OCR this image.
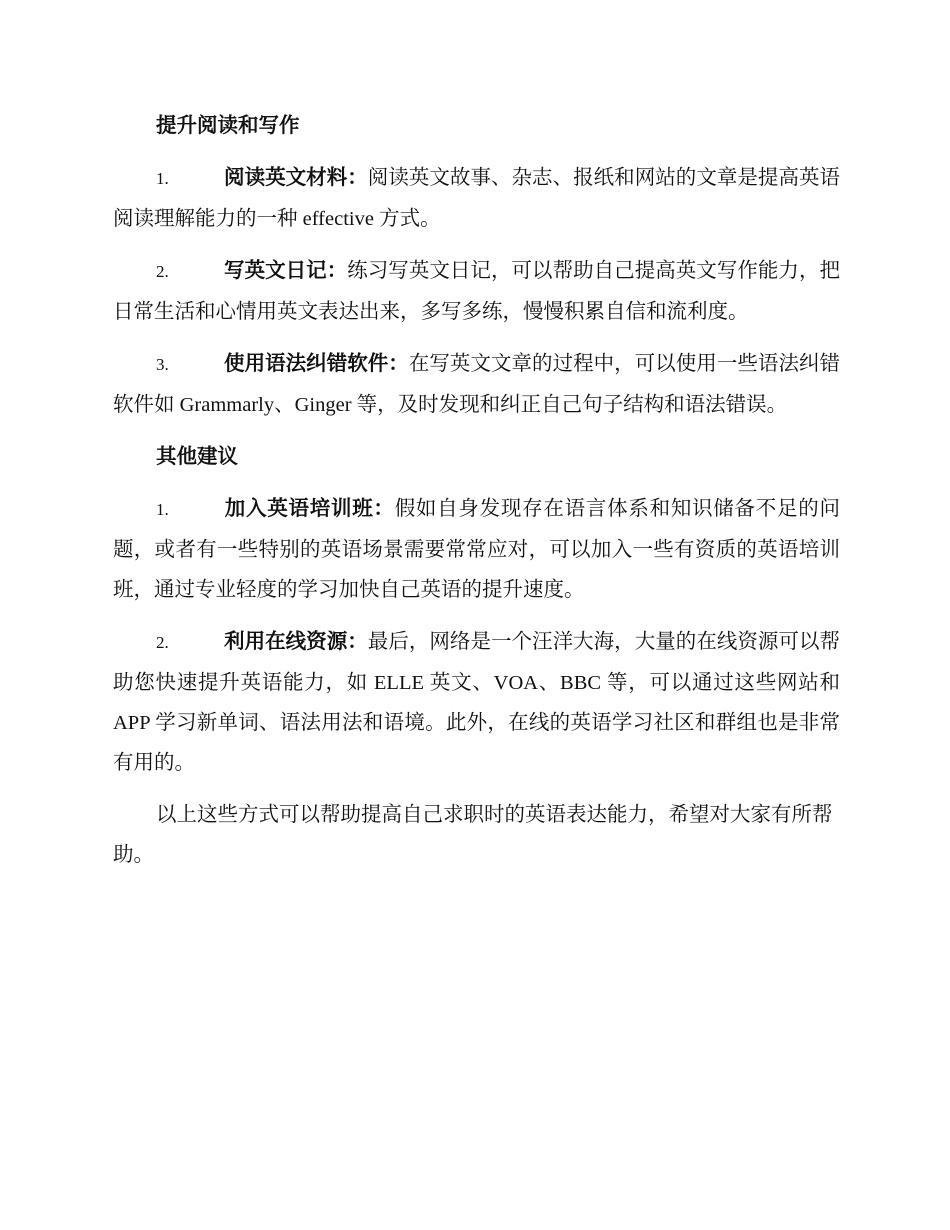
提升阅读和写作

1.	阅读英文材料：阅读英文故事、杂志、报纸和网站的文章是提高英语阅读理解能力的一种 effective 方式。

2.	写英文日记：练习写英文日记，可以帮助自己提高英文写作能力，把日常生活和心情用英文表达出来，多写多练，慢慢积累自信和流利度。

3.	使用语法纠错软件：在写英文文章的过程中，可以使用一些语法纠错软件如 Grammarly、Ginger 等，及时发现和纠正自己句子结构和语法错误。

其他建议

1.	加入英语培训班：假如自身发现存在语言体系和知识储备不足的问题，或者有一些特别的英语场景需要常常应对，可以加入一些有资质的英语培训班，通过专业轻度的学习加快自己英语的提升速度。

2.	利用在线资源：最后，网络是一个汪洋大海，大量的在线资源可以帮助您快速提升英语能力，如 ELLE 英文、VOA、BBC 等，可以通过这些网站和 APP 学习新单词、语法用法和语境。此外，在线的英语学习社区和群组也是非常有用的。

以上这些方式可以帮助提高自己求职时的英语表达能力，希望对大家有所帮助。
